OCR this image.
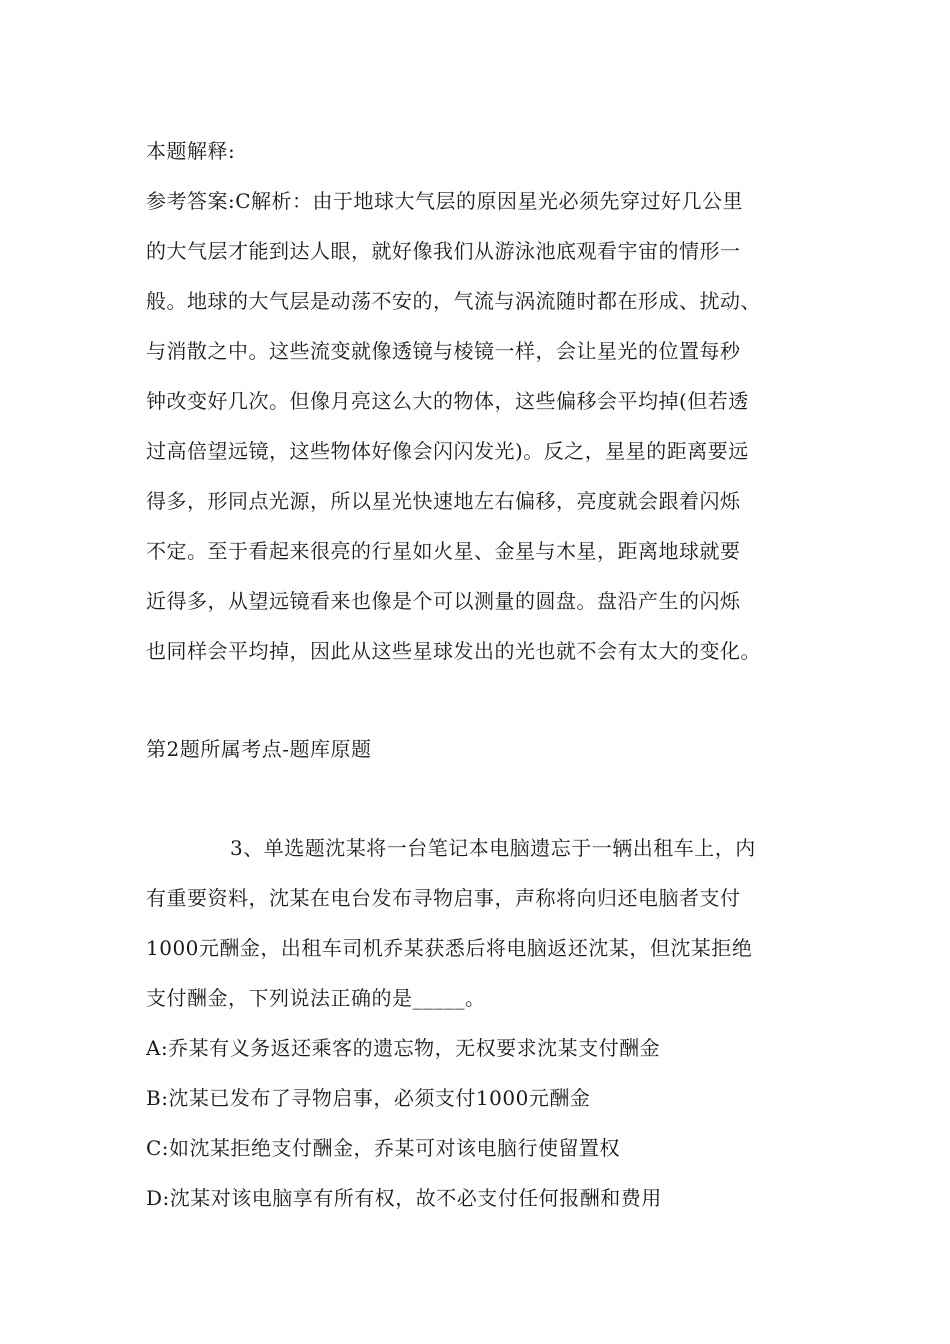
本题解释:
参考答案:C解析：由于地球大气层的原因星光必须先穿过好几公里
的大气层才能到达人眼，就好像我们从游泳池底观看宇宙的情形一
般。地球的大气层是动荡不安的，气流与涡流随时都在形成、扰动、
与消散之中。这些流变就像透镜与棱镜一样，会让星光的位置每秒
钟改变好几次。但像月亮这么大的物体，这些偏移会平均掉(但若透
过高倍望远镜，这些物体好像会闪闪发光)。反之，星星的距离要远
得多，形同点光源，所以星光快速地左右偏移，亮度就会跟着闪烁
不定。至于看起来很亮的行星如火星、金星与木星，距离地球就要
近得多，从望远镜看来也像是个可以测量的圆盘。盘沿产生的闪烁
也同样会平均掉，因此从这些星球发出的光也就不会有太大的变化。
第2题所属考点-题库原题
3、单选题沈某将一台笔记本电脑遗忘于一辆出租车上，内
有重要资料，沈某在电台发布寻物启事，声称将向归还电脑者支付
1000元酬金，出租车司机乔某获悉后将电脑返还沈某，但沈某拒绝
支付酬金，下列说法正确的是_____。
A:乔某有义务返还乘客的遗忘物，无权要求沈某支付酬金
B:沈某已发布了寻物启事，必须支付1000元酬金
C:如沈某拒绝支付酬金，乔某可对该电脑行使留置权
D:沈某对该电脑享有所有权，故不必支付任何报酬和费用
